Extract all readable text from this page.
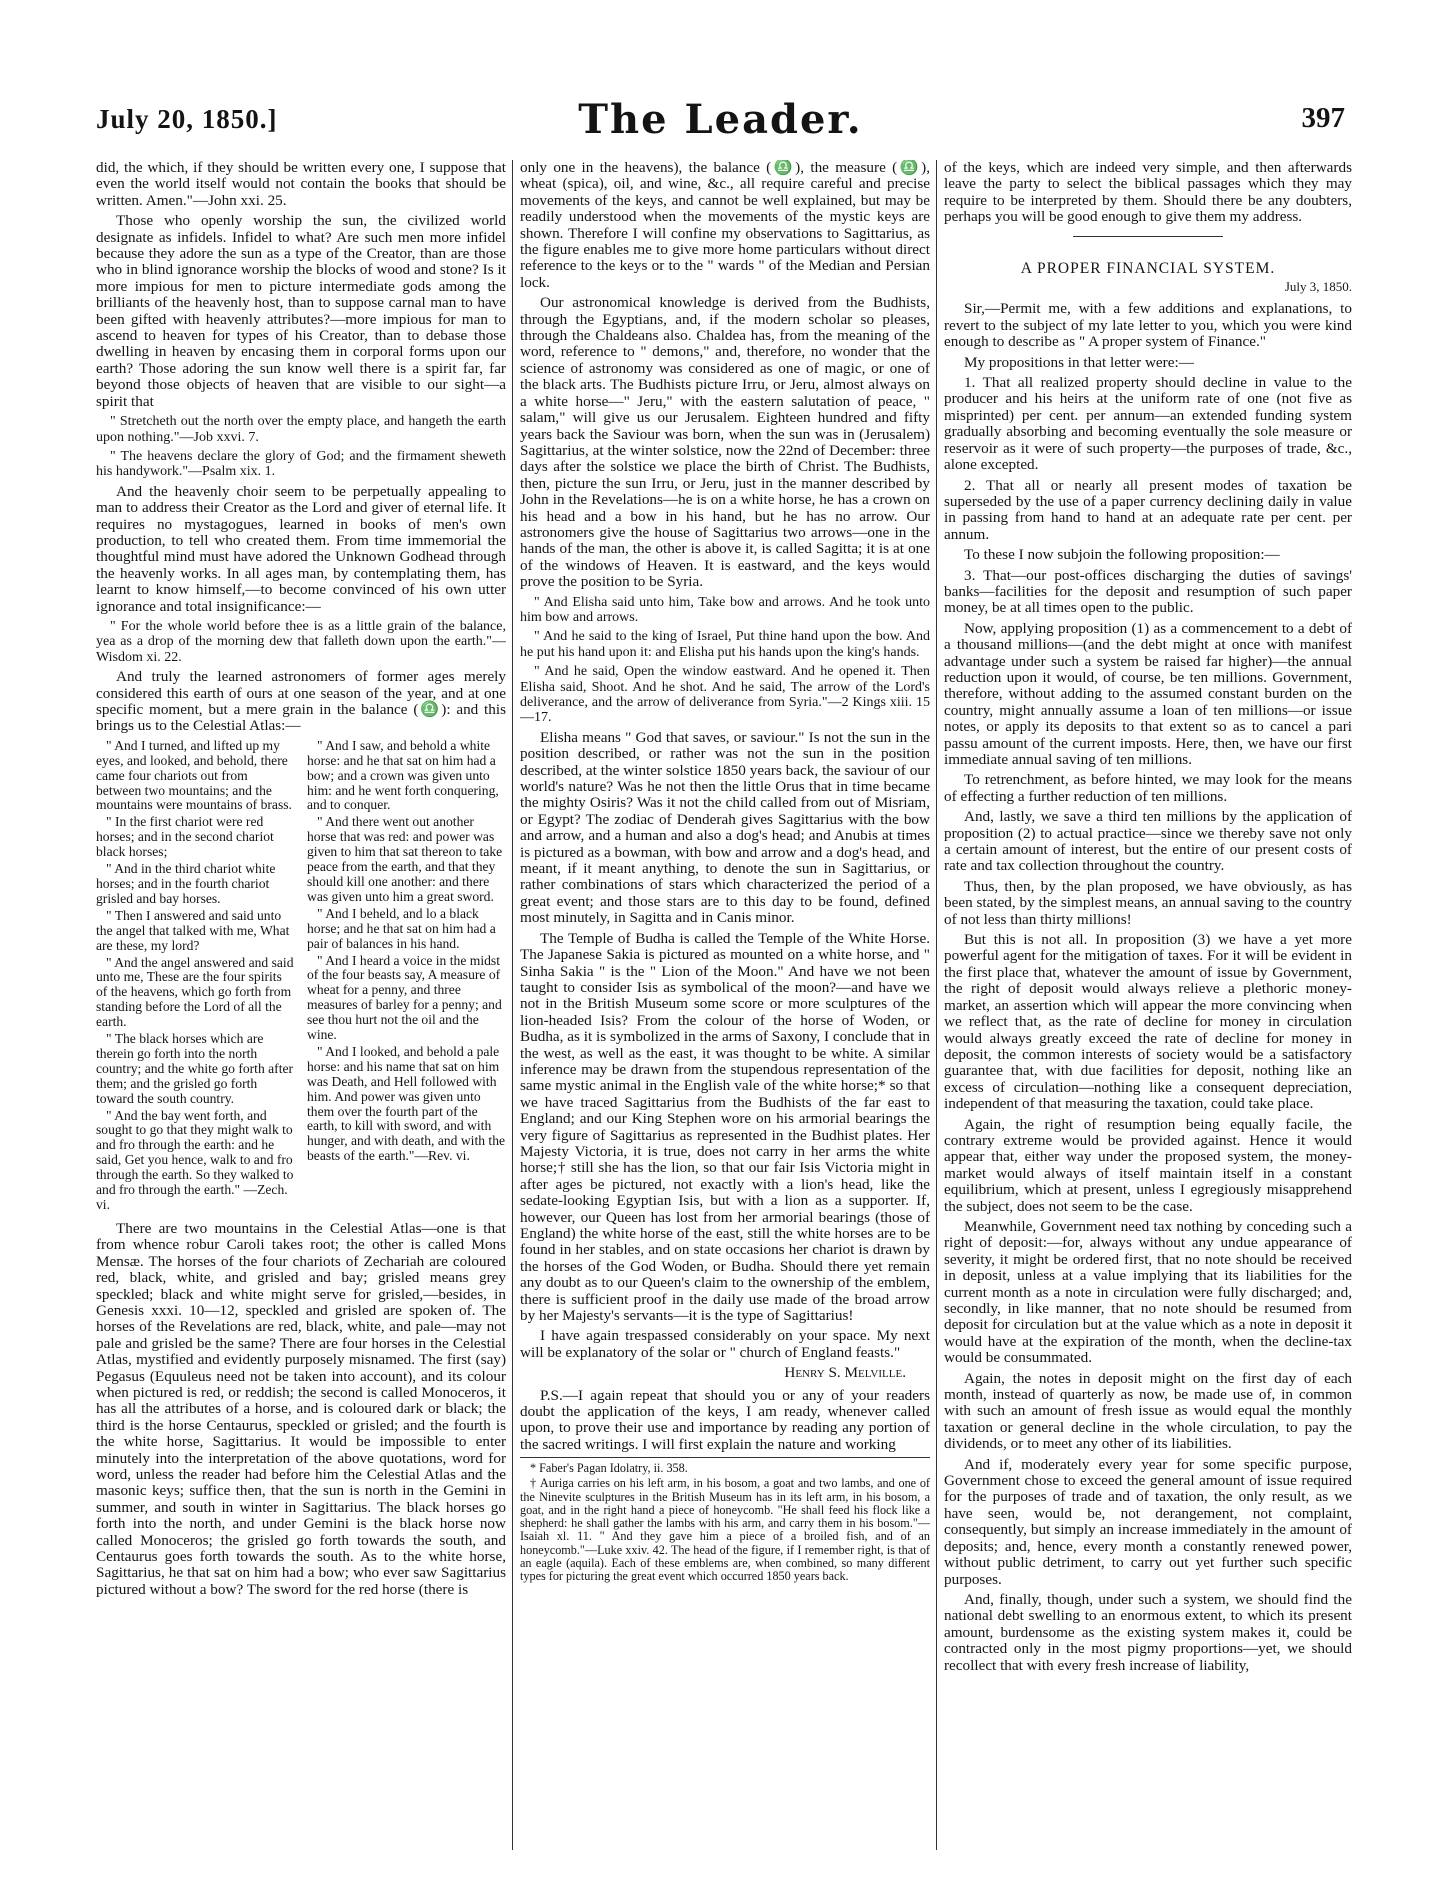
July 20, 1850.]	The Leader.	397

did, the which, if they should be written every one, I suppose that even the world itself would not contain the books that should be written. Amen."—John xxi. 25.

Those who openly worship the sun, the civilized world designate as infidels. Infidel to what? Are such men more infidel because they adore the sun as a type of the Creator, than are those who in blind ignorance worship the blocks of wood and stone? Is it more impious for men to picture intermediate gods among the brilliants of the heavenly host, than to suppose carnal man to have been gifted with heavenly attributes?—more impious for man to ascend to heaven for types of his Creator, than to debase those dwelling in heaven by encasing them in corporal forms upon our earth? Those adoring the sun know well there is a spirit far, far beyond those objects of heaven that are visible to our sight—a spirit that

" Stretcheth out the north over the empty place, and hangeth the earth upon nothing."—Job xxvi. 7.

" The heavens declare the glory of God; and the firmament sheweth his handywork."—Psalm xix. 1.

And the heavenly choir seem to be perpetually appealing to man to address their Creator as the Lord and giver of eternal life. It requires no mystagogues, learned in books of men's own production, to tell who created them. From time immemorial the thoughtful mind must have adored the Unknown Godhead through the heavenly works. In all ages man, by contemplating them, has learnt to know himself,—to become convinced of his own utter ignorance and total insignificance:—

" For the whole world before thee is as a little grain of the balance, yea as a drop of the morning dew that falleth down upon the earth."—Wisdom xi. 22.

And truly the learned astronomers of former ages merely considered this earth of ours at one season of the year, and at one specific moment, but a mere grain in the balance (♎): and this brings us to the Celestial Atlas:—

" And I turned, and lifted up my eyes, and looked, and behold, there came four chariots out from between two mountains; and the mountains were mountains of brass.

" In the first chariot were red horses; and in the second chariot black horses;

" And in the third chariot white horses; and in the fourth chariot grisled and bay horses.

" Then I answered and said unto the angel that talked with me, What are these, my lord?

" And the angel answered and said unto me, These are the four spirits of the heavens, which go forth from standing before the Lord of all the earth.

" The black horses which are therein go forth into the north country; and the white go forth after them; and the grisled go forth toward the south country.

" And the bay went forth, and sought to go that they might walk to and fro through the earth: and he said, Get you hence, walk to and fro through the earth. So they walked to and fro through the earth." —Zech. vi.

" And I saw, and behold a white horse: and he that sat on him had a bow; and a crown was given unto him: and he went forth conquering, and to conquer.

" And there went out another horse that was red: and power was given to him that sat thereon to take peace from the earth, and that they should kill one another: and there was given unto him a great sword.

" And I beheld, and lo a black horse; and he that sat on him had a pair of balances in his hand.

" And I heard a voice in the midst of the four beasts say, A measure of wheat for a penny, and three measures of barley for a penny; and see thou hurt not the oil and the wine.

" And I looked, and behold a pale horse: and his name that sat on him was Death, and Hell followed with him. And power was given unto them over the fourth part of the earth, to kill with sword, and with hunger, and with death, and with the beasts of the earth."—Rev. vi.

There are two mountains in the Celestial Atlas—one is that from whence robur Caroli takes root; the other is called Mons Mensæ. The horses of the four chariots of Zechariah are coloured red, black, white, and grisled and bay; grisled means grey speckled; black and white might serve for grisled,—besides, in Genesis xxxi. 10—12, speckled and grisled are spoken of. The horses of the Revelations are red, black, white, and pale—may not pale and grisled be the same? There are four horses in the Celestial Atlas, mystified and evidently purposely misnamed. The first (say) Pegasus (Equuleus need not be taken into account), and its colour when pictured is red, or reddish; the second is called Monoceros, it has all the attributes of a horse, and is coloured dark or black; the third is the horse Centaurus, speckled or grisled; and the fourth is the white horse, Sagittarius. It would be impossible to enter minutely into the interpretation of the above quotations, word for word, unless the reader had before him the Celestial Atlas and the masonic keys; suffice then, that the sun is north in the Gemini in summer, and south in winter in Sagittarius. The black horses go forth into the north, and under Gemini is the black horse now called Monoceros; the grisled go forth towards the south, and Centaurus goes forth towards the south. As to the white horse, Sagittarius, he that sat on him had a bow; who ever saw Sagittarius pictured without a bow? The sword for the red horse (there is

only one in the heavens), the balance (♎), the measure (♎), wheat (spica), oil, and wine, &c., all require careful and precise movements of the keys, and cannot be well explained, but may be readily understood when the movements of the mystic keys are shown. Therefore I will confine my observations to Sagittarius, as the figure enables me to give more home particulars without direct reference to the keys or to the " wards " of the Median and Persian lock.

Our astronomical knowledge is derived from the Budhists, through the Egyptians, and, if the modern scholar so pleases, through the Chaldeans also. Chaldea has, from the meaning of the word, reference to " demons," and, therefore, no wonder that the science of astronomy was considered as one of magic, or one of the black arts. The Budhists picture Irru, or Jeru, almost always on a white horse—" Jeru," with the eastern salutation of peace, " salam," will give us our Jerusalem. Eighteen hundred and fifty years back the Saviour was born, when the sun was in (Jerusalem) Sagittarius, at the winter solstice, now the 22nd of December: three days after the solstice we place the birth of Christ. The Budhists, then, picture the sun Irru, or Jeru, just in the manner described by John in the Revelations—he is on a white horse, he has a crown on his head and a bow in his hand, but he has no arrow. Our astronomers give the house of Sagittarius two arrows—one in the hands of the man, the other is above it, is called Sagitta; it is at one of the windows of Heaven. It is eastward, and the keys would prove the position to be Syria.

" And Elisha said unto him, Take bow and arrows. And he took unto him bow and arrows.

" And he said to the king of Israel, Put thine hand upon the bow. And he put his hand upon it: and Elisha put his hands upon the king's hands.

" And he said, Open the window eastward. And he opened it. Then Elisha said, Shoot. And he shot. And he said, The arrow of the Lord's deliverance, and the arrow of deliverance from Syria."—2 Kings xiii. 15—17.

Elisha means " God that saves, or saviour." Is not the sun in the position described, or rather was not the sun in the position described, at the winter solstice 1850 years back, the saviour of our world's nature? Was he not then the little Orus that in time became the mighty Osiris? Was it not the child called from out of Misriam, or Egypt? The zodiac of Denderah gives Sagittarius with the bow and arrow, and a human and also a dog's head; and Anubis at times is pictured as a bowman, with bow and arrow and a dog's head, and meant, if it meant anything, to denote the sun in Sagittarius, or rather combinations of stars which characterized the period of a great event; and those stars are to this day to be found, defined most minutely, in Sagitta and in Canis minor.

The Temple of Budha is called the Temple of the White Horse. The Japanese Sakia is pictured as mounted on a white horse, and " Sinha Sakia " is the " Lion of the Moon." And have we not been taught to consider Isis as symbolical of the moon?—and have we not in the British Museum some score or more sculptures of the lion-headed Isis? From the colour of the horse of Woden, or Budha, as it is symbolized in the arms of Saxony, I conclude that in the west, as well as the east, it was thought to be white. A similar inference may be drawn from the stupendous representation of the same mystic animal in the English vale of the white horse;* so that we have traced Sagittarius from the Budhists of the far east to England; and our King Stephen wore on his armorial bearings the very figure of Sagittarius as represented in the Budhist plates. Her Majesty Victoria, it is true, does not carry in her arms the white horse;† still she has the lion, so that our fair Isis Victoria might in after ages be pictured, not exactly with a lion's head, like the sedate-looking Egyptian Isis, but with a lion as a supporter. If, however, our Queen has lost from her armorial bearings (those of England) the white horse of the east, still the white horses are to be found in her stables, and on state occasions her chariot is drawn by the horses of the God Woden, or Budha. Should there yet remain any doubt as to our Queen's claim to the ownership of the emblem, there is sufficient proof in the daily use made of the broad arrow by her Majesty's servants—it is the type of Sagittarius!

I have again trespassed considerably on your space. My next will be explanatory of the solar or " church of England feasts."

Henry S. Melville.

P.S.—I again repeat that should you or any of your readers doubt the application of the keys, I am ready, whenever called upon, to prove their use and importance by reading any portion of the sacred writings. I will first explain the nature and working

* Faber's Pagan Idolatry, ii. 358.

† Auriga carries on his left arm, in his bosom, a goat and two lambs, and one of the Ninevite sculptures in the British Museum has in its left arm, in his bosom, a goat, and in the right hand a piece of honeycomb. "He shall feed his flock like a shepherd: he shall gather the lambs with his arm, and carry them in his bosom."—Isaiah xl. 11. " And they gave him a piece of a broiled fish, and of an honeycomb."—Luke xxiv. 42. The head of the figure, if I remember right, is that of an eagle (aquila). Each of these emblems are, when combined, so many different types for picturing the great event which occurred 1850 years back.

of the keys, which are indeed very simple, and then afterwards leave the party to select the biblical passages which they may require to be interpreted by them. Should there be any doubters, perhaps you will be good enough to give them my address.

A PROPER FINANCIAL SYSTEM.

July 3, 1850.

Sir,—Permit me, with a few additions and explanations, to revert to the subject of my late letter to you, which you were kind enough to describe as " A proper system of Finance."

My propositions in that letter were:—

1. That all realized property should decline in value to the producer and his heirs at the uniform rate of one (not five as misprinted) per cent. per annum—an extended funding system gradually absorbing and becoming eventually the sole measure or reservoir as it were of such property—the purposes of trade, &c., alone excepted.

2. That all or nearly all present modes of taxation be superseded by the use of a paper currency declining daily in value in passing from hand to hand at an adequate rate per cent. per annum.

To these I now subjoin the following proposition:—

3. That—our post-offices discharging the duties of savings' banks—facilities for the deposit and resumption of such paper money, be at all times open to the public.

Now, applying proposition (1) as a commencement to a debt of a thousand millions—(and the debt might at once with manifest advantage under such a system be raised far higher)—the annual reduction upon it would, of course, be ten millions. Government, therefore, without adding to the assumed constant burden on the country, might annually assume a loan of ten millions—or issue notes, or apply its deposits to that extent so as to cancel a pari passu amount of the current imposts. Here, then, we have our first immediate annual saving of ten millions.

To retrenchment, as before hinted, we may look for the means of effecting a further reduction of ten millions.

And, lastly, we save a third ten millions by the application of proposition (2) to actual practice—since we thereby save not only a certain amount of interest, but the entire of our present costs of rate and tax collection throughout the country.

Thus, then, by the plan proposed, we have obviously, as has been stated, by the simplest means, an annual saving to the country of not less than thirty millions!

But this is not all. In proposition (3) we have a yet more powerful agent for the mitigation of taxes. For it will be evident in the first place that, whatever the amount of issue by Government, the right of deposit would always relieve a plethoric money-market, an assertion which will appear the more convincing when we reflect that, as the rate of decline for money in circulation would always greatly exceed the rate of decline for money in deposit, the common interests of society would be a satisfactory guarantee that, with due facilities for deposit, nothing like an excess of circulation—nothing like a consequent depreciation, independent of that measuring the taxation, could take place.

Again, the right of resumption being equally facile, the contrary extreme would be provided against. Hence it would appear that, either way under the proposed system, the money-market would always of itself maintain itself in a constant equilibrium, which at present, unless I egregiously misapprehend the subject, does not seem to be the case.

Meanwhile, Government need tax nothing by conceding such a right of deposit:—for, always without any undue appearance of severity, it might be ordered first, that no note should be received in deposit, unless at a value implying that its liabilities for the current month as a note in circulation were fully discharged; and, secondly, in like manner, that no note should be resumed from deposit for circulation but at the value which as a note in deposit it would have at the expiration of the month, when the decline-tax would be consummated.

Again, the notes in deposit might on the first day of each month, instead of quarterly as now, be made use of, in common with such an amount of fresh issue as would equal the monthly taxation or general decline in the whole circulation, to pay the dividends, or to meet any other of its liabilities.

And if, moderately every year for some specific purpose, Government chose to exceed the general amount of issue required for the purposes of trade and of taxation, the only result, as we have seen, would be, not derangement, not complaint, consequently, but simply an increase immediately in the amount of deposits; and, hence, every month a constantly renewed power, without public detriment, to carry out yet further such specific purposes.

And, finally, though, under such a system, we should find the national debt swelling to an enormous extent, to which its present amount, burdensome as the existing system makes it, could be contracted only in the most pigmy proportions—yet, we should recollect that with every fresh increase of liability,
